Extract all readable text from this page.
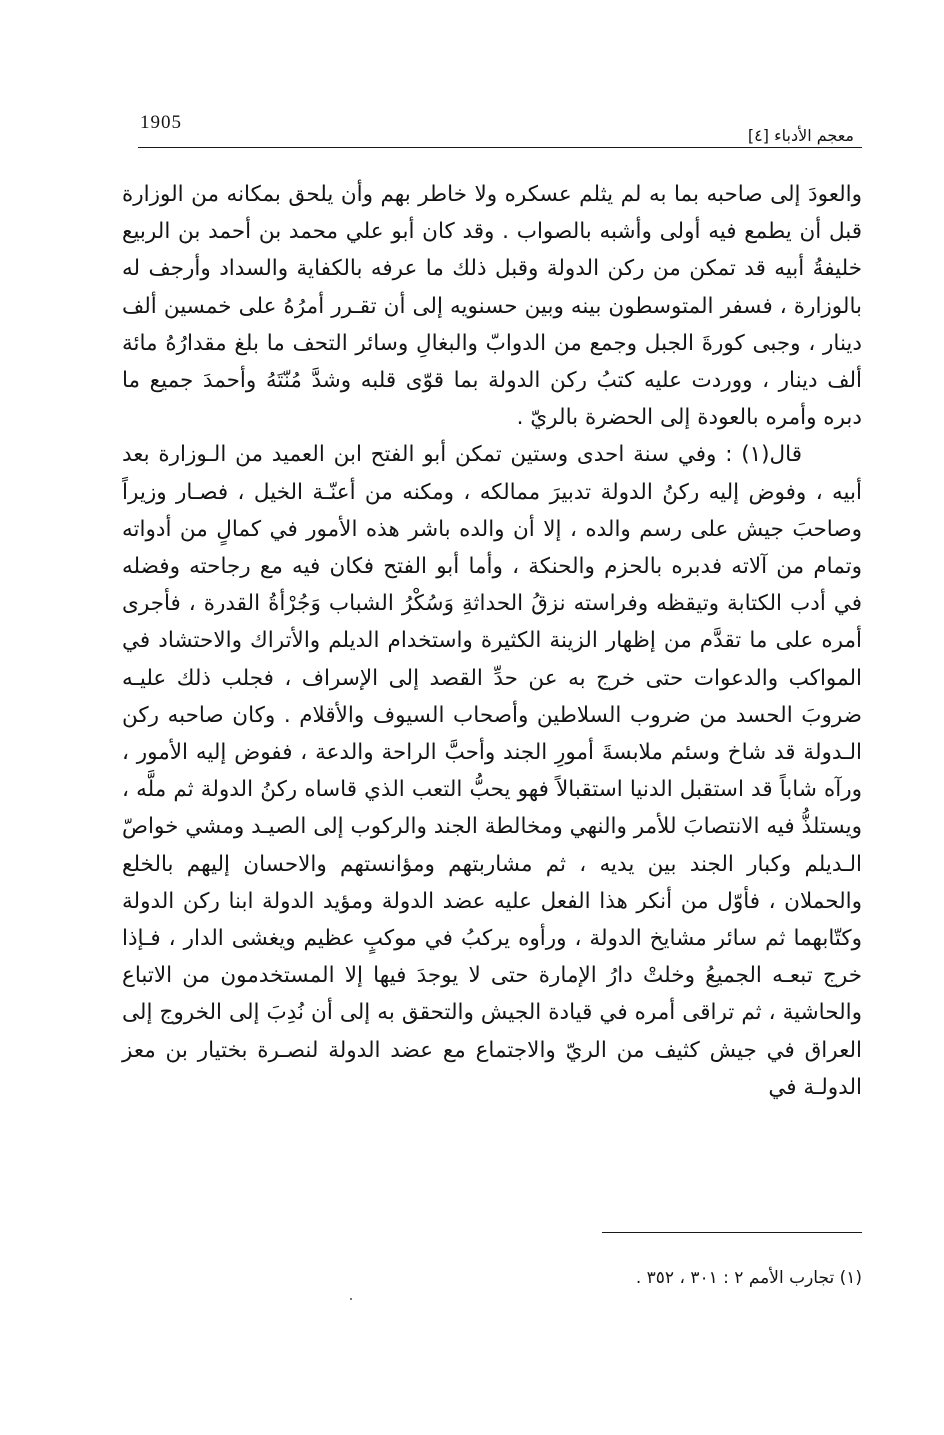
1905
معجم الأدباء [٤]

والعودَ إلى صاحبه بما به لم يثلم عسكره ولا خاطر بهم وأن يلحق بمكانه من الوزارة قبل أن يطمع فيه أولى وأشبه بالصواب . وقد كان أبو علي محمد بن أحمد بن الربيع خليفةُ أبيه قد تمكن من ركن الدولة وقبل ذلك ما عرفه بالكفاية والسداد وأرجف له بالوزارة ، فسفر المتوسطون بينه وبين حسنويه إلى أن تقـرر أمرُهُ على خمسين ألف دينار ، وجبى كورةَ الجبل وجمع من الدوابّ والبغالِ وسائر التحف ما بلغ مقدارُهُ مائة ألف دينار ، ووردت عليه كتبُ ركن الدولة بما قوّى قلبه وشدَّ مُنّتَهُ وأحمدَ جميع ما دبره وأمره بالعودة إلى الحضرة بالريّ .

قال(١) : وفي سنة احدى وستين تمكن أبو الفتح ابن العميد من الـوزارة بعد أبيه ، وفوض إليه ركنُ الدولة تدبيرَ ممالكه ، ومكنه من أعنّـة الخيل ، فصـار وزيراً وصاحبَ جيش على رسم والده ، إلا أن والده باشر هذه الأمور في كمالٍ من أدواته وتمام من آلاته فدبره بالحزم والحنكة ، وأما أبو الفتح فكان فيه مع رجاحته وفضله في أدب الكتابة وتيقظه وفراسته نزقُ الحداثةِ وَسُكْرُ الشباب وَجُرْأةُ القدرة ، فأجرى أمره على ما تقدَّم من إظهار الزينة الكثيرة واستخدام الديلم والأتراك والاحتشاد في المواكب والدعوات حتى خرج به عن حدِّ القصد إلى الإسراف ، فجلب ذلك عليـه ضروبَ الحسد من ضروب السلاطين وأصحاب السيوف والأقلام . وكان صاحبه ركن الـدولة قد شاخ وسئم ملابسةَ أمورِ الجند وأحبَّ الراحة والدعة ، ففوض إليه الأمور ، ورآه شاباً قد استقبل الدنيا استقبالاً فهو يحبُّ التعب الذي قاساه ركنُ الدولة ثم ملَّه ، ويستلذُّ فيه الانتصابَ للأمر والنهي ومخالطة الجند والركوب إلى الصيـد ومشي خواصّ الـديلم وكبار الجند بين يديه ، ثم مشاربتهم ومؤانستهم والاحسان إليهم بالخلع والحملان ، فأوّل من أنكر هذا الفعل عليه عضد الدولة ومؤيد الدولة ابنا ركن الدولة وكتّابهما ثم سائر مشايخ الدولة ، ورأوه يركبُ في موكبٍ عظيم ويغشى الدار ، فـإذا خرج تبعـه الجميعُ وخلتْ دارُ الإمارة حتى لا يوجدَ فيها إلا المستخدمون من الاتباع والحاشية ، ثم تراقى أمره في قيادة الجيش والتحقق به إلى أن نُدِبَ إلى الخروج إلى العراق في جيش كثيف من الريّ والاجتماع مع عضد الدولة لنصـرة بختيار بن معز الدولـة في

(١) تجارب الأمم ٢ : ٣٠١ ، ٣٥٢ .
